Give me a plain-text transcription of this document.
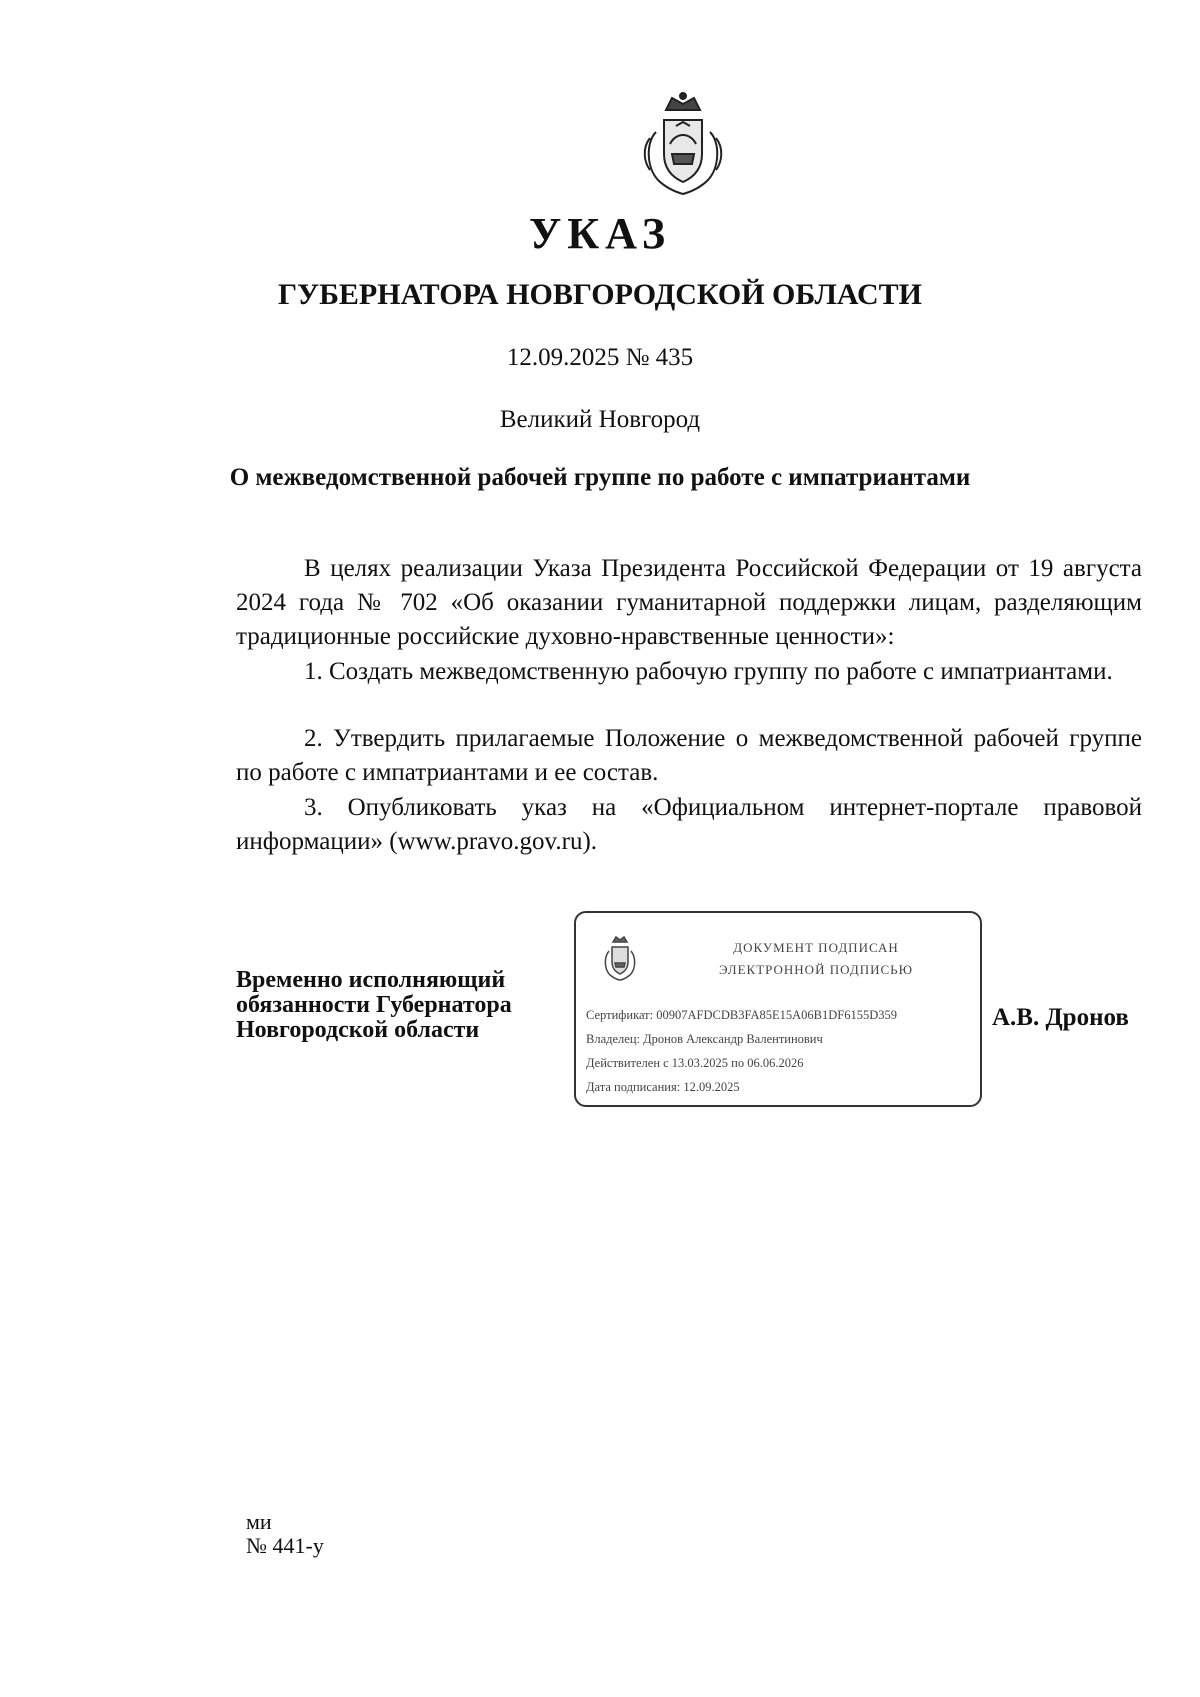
УКАЗ
ГУБЕРНАТОРА НОВГОРОДСКОЙ ОБЛАСТИ
12.09.2025 № 435
Великий Новгород
О межведомственной рабочей группе по работе с импатриантами
В целях реализации Указа Президента Российской Федерации от 19 августа 2024 года № 702 «Об оказании гуманитарной поддержки лицам, разделяющим традиционные российские духовно-нравственные ценности»:
1. Создать межведомственную рабочую группу по работе с импатриантами.
2. Утвердить прилагаемые Положение о межведомственной рабочей группе по работе с импатриантами и ее состав.
3. Опубликовать указ на «Официальном интернет-портале правовой информации» (www.pravo.gov.ru).
Временно исполняющий
обязанности Губернатора
Новгородской области
ДОКУМЕНТ ПОДПИСАН
ЭЛЕКТРОННОЙ ПОДПИСЬЮ
Сертификат: 00907AFDCDB3FA85E15A06B1DF6155D359
Владелец: Дронов Александр Валентинович
Действителен с 13.03.2025 по 06.06.2026
Дата подписания: 12.09.2025
А.В. Дронов
ми
№ 441-у
